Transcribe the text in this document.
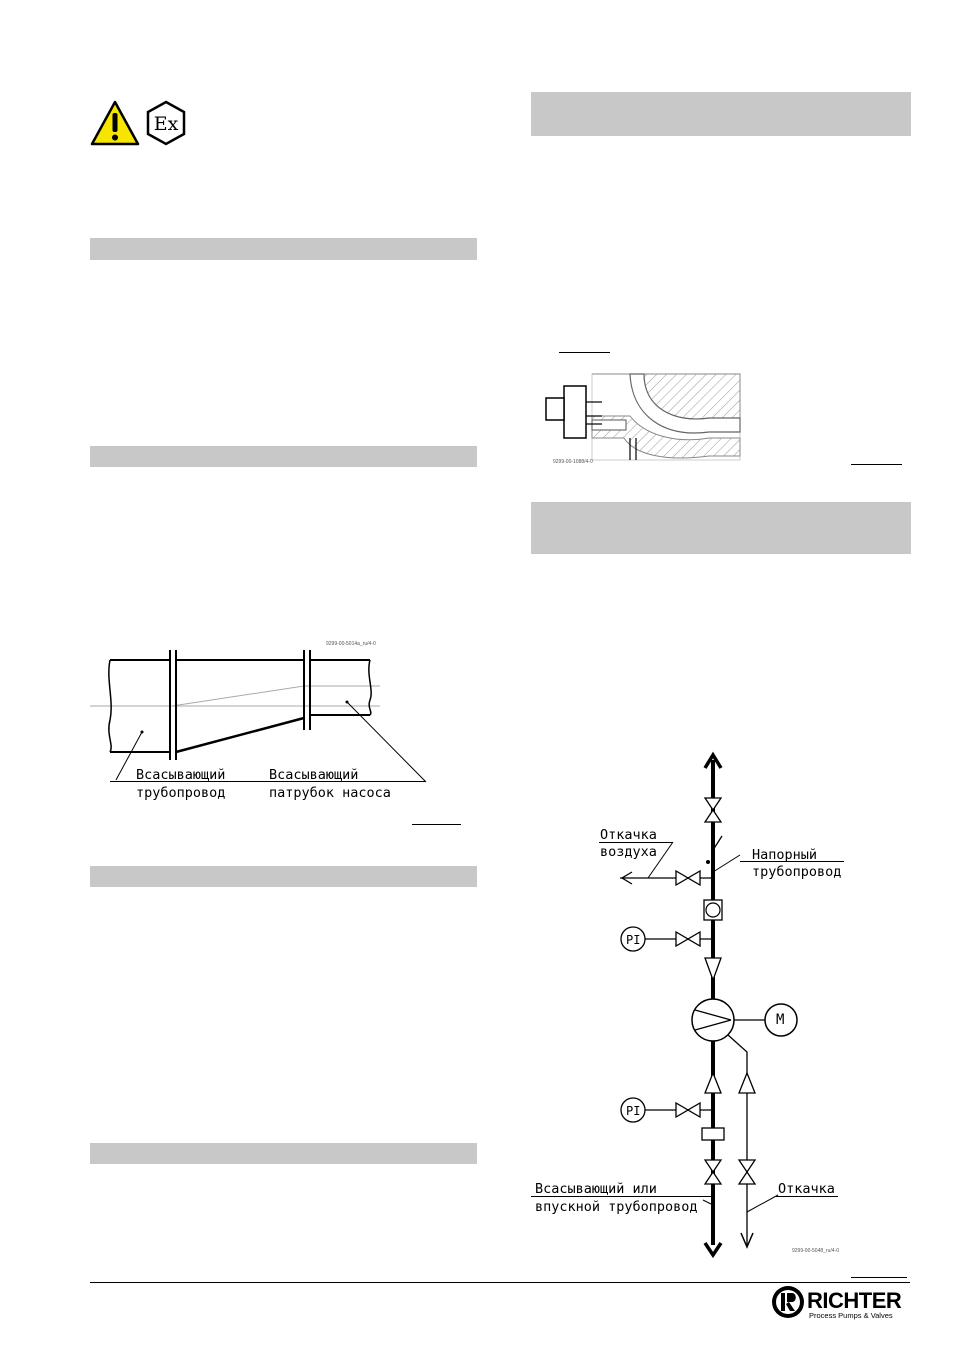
Ex
9299-00-5014a_ru/4-0
Всасывающий
трубопровод
Всасывающий
патрубок насоса
9299-00-1088/4-0
Откачка
воздуха	Напорный
трубопровод
PI
PI
M
Всасывающий или
впускной трубопровод
Откачка
9299-00-5048_ru/4-0
RICHTER
Process Pumps & Valves
